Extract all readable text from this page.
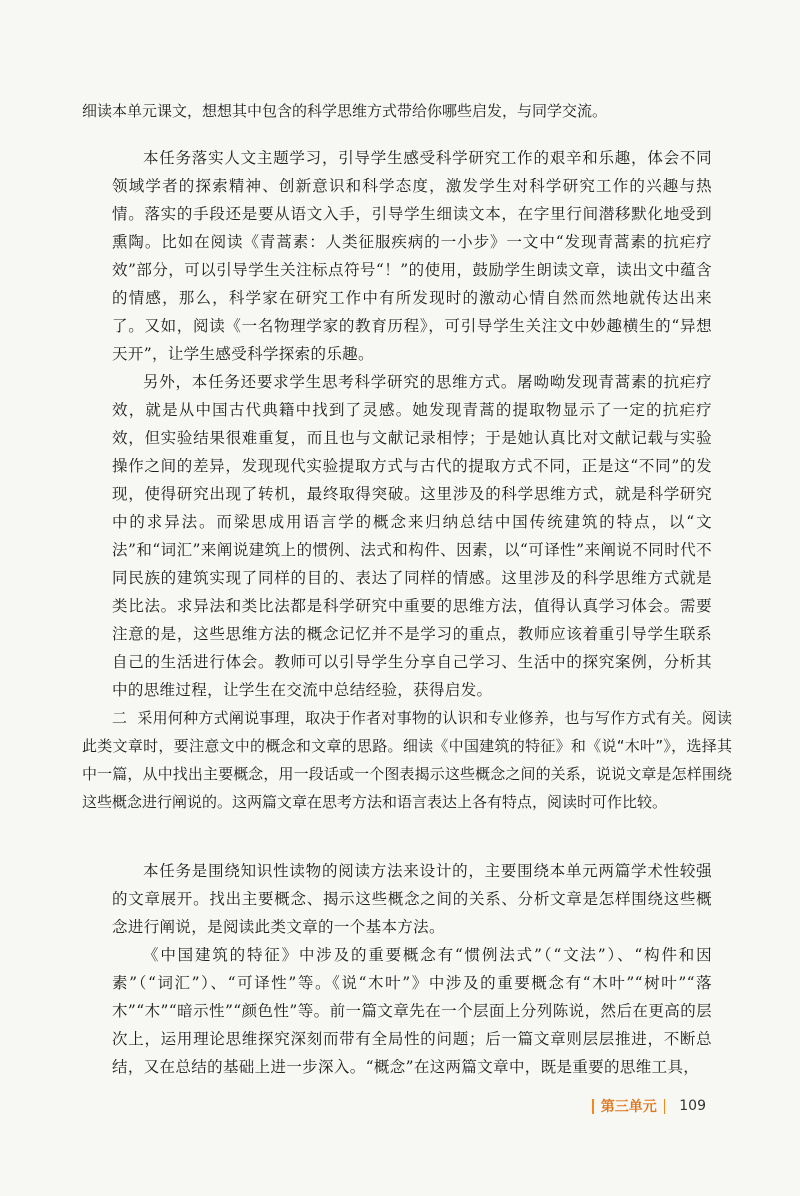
细读本单元课文，想想其中包含的科学思维方式带给你哪些启发，与同学交流。

本任务落实人文主题学习，引导学生感受科学研究工作的艰辛和乐趣，体会不同领域学者的探索精神、创新意识和科学态度，激发学生对科学研究工作的兴趣与热情。落实的手段还是要从语文入手，引导学生细读文本，在字里行间潜移默化地受到熏陶。比如在阅读《青蒿素：人类征服疾病的一小步》一文中“发现青蒿素的抗疟疗效”部分，可以引导学生关注标点符号“！”的使用，鼓励学生朗读文章，读出文中蕴含的情感，那么，科学家在研究工作中有所发现时的激动心情自然而然地就传达出来了。又如，阅读《一名物理学家的教育历程》，可引导学生关注文中妙趣横生的“异想天开”，让学生感受科学探索的乐趣。

另外，本任务还要求学生思考科学研究的思维方式。屠呦呦发现青蒿素的抗疟疗效，就是从中国古代典籍中找到了灵感。她发现青蒿的提取物显示了一定的抗疟疗效，但实验结果很难重复，而且也与文献记录相悖；于是她认真比对文献记载与实验操作之间的差异，发现现代实验提取方式与古代的提取方式不同，正是这“不同”的发现，使得研究出现了转机，最终取得突破。这里涉及的科学思维方式，就是科学研究中的求异法。而梁思成用语言学的概念来归纳总结中国传统建筑的特点，以“文法”和“词汇”来阐说建筑上的惯例、法式和构件、因素，以“可译性”来阐说不同时代不同民族的建筑实现了同样的目的、表达了同样的情感。这里涉及的科学思维方式就是类比法。求异法和类比法都是科学研究中重要的思维方法，值得认真学习体会。需要注意的是，这些思维方法的概念记忆并不是学习的重点，教师应该着重引导学生联系自己的生活进行体会。教师可以引导学生分享自己学习、生活中的探究案例，分析其中的思维过程，让学生在交流中总结经验，获得启发。

二 采用何种方式阐说事理，取决于作者对事物的认识和专业修养，也与写作方式有关。阅读此类文章时，要注意文中的概念和文章的思路。细读《中国建筑的特征》和《说“木叶”》，选择其中一篇，从中找出主要概念，用一段话或一个图表揭示这些概念之间的关系，说说文章是怎样围绕这些概念进行阐说的。这两篇文章在思考方法和语言表达上各有特点，阅读时可作比较。

本任务是围绕知识性读物的阅读方法来设计的，主要围绕本单元两篇学术性较强的文章展开。找出主要概念、揭示这些概念之间的关系、分析文章是怎样围绕这些概念进行阐说，是阅读此类文章的一个基本方法。

《中国建筑的特征》中涉及的重要概念有“惯例法式”（“文法”）、“构件和因素”（“词汇”）、“可译性”等。《说“木叶”》中涉及的重要概念有“木叶”“树叶”“落木”“木”“暗示性”“颜色性”等。前一篇文章先在一个层面上分列陈说，然后在更高的层次上，运用理论思维探究深刻而带有全局性的问题；后一篇文章则层层推进，不断总结，又在总结的基础上进一步深入。“概念”在这两篇文章中，既是重要的思维工具，

第三单元 109
